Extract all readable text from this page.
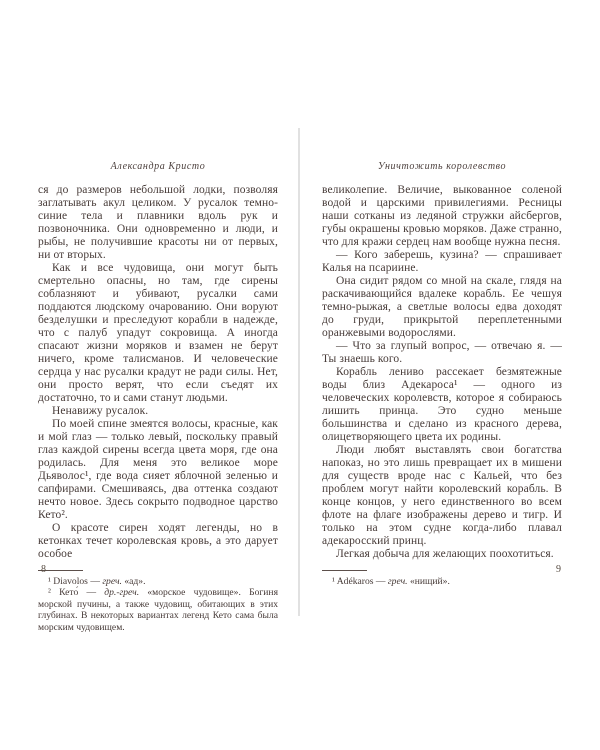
Александра Кристо

ся до размеров небольшой лодки, позволяя заглатывать акул целиком. У русалок темно-синие тела и плавники вдоль рук и позвоночника. Они одновременно и люди, и рыбы, не получившие красоты ни от первых, ни от вторых.

Как и все чудовища, они могут быть смертельно опасны, но там, где сирены соблазняют и убивают, русалки сами поддаются людскому очарованию. Они воруют безделушки и преследуют корабли в надежде, что с палуб упадут сокровища. А иногда спасают жизни моряков и взамен не берут ничего, кроме талисманов. И человеческие сердца у нас русалки крадут не ради силы. Нет, они просто верят, что если съедят их достаточно, то и сами станут людьми.

Ненавижу русалок.

По моей спине змеятся волосы, красные, как и мой глаз — только левый, поскольку правый глаз каждой сирены всегда цвета моря, где она родилась. Для меня это великое море Дьяволос¹, где вода сияет яблочной зеленью и сапфирами. Смешиваясь, два оттенка создают нечто новое. Здесь сокрыто подводное царство Кето².

О красоте сирен ходят легенды, но в кетонках течет королевская кровь, а это дарует особое

¹ Diavolos — греч. «ад».

² Кето́ — др.-греч. «морское чудовище». Богиня морской пучины, а также чудовищ, обитающих в этих глубинах. В некоторых вариантах легенд Кето сама была морским чудовищем.

8
Уничтожить королевство

великолепие. Величие, выкованное соленой водой и царскими привилегиями. Ресницы наши сотканы из ледяной стружки айсбергов, губы окрашены кровью моряков. Даже странно, что для кражи сердец нам вообще нужна песня.

— Кого заберешь, кузина? — спрашивает Калья на псариине.

Она сидит рядом со мной на скале, глядя на раскачивающийся вдалеке корабль. Ее чешуя темно-рыжая, а светлые волосы едва доходят до груди, прикрытой переплетенными оранжевыми водорослями.

— Что за глупый вопрос, — отвечаю я. — Ты знаешь кого.

Корабль лениво рассекает безмятежные воды близ Адекароса¹ — одного из человеческих королевств, которое я собираюсь лишить принца. Это судно меньше большинства и сделано из красного дерева, олицетворяющего цвета их родины.

Люди любят выставлять свои богатства напоказ, но это лишь превращает их в мишени для существ вроде нас с Кальей, что без проблем могут найти королевский корабль. В конце концов, у него единственного во всем флоте на флаге изображены дерево и тигр. И только на этом судне когда-либо плавал адекаросский принц.

Легкая добыча для желающих поохотиться.

¹ Adékaros — греч. «нищий».

9
